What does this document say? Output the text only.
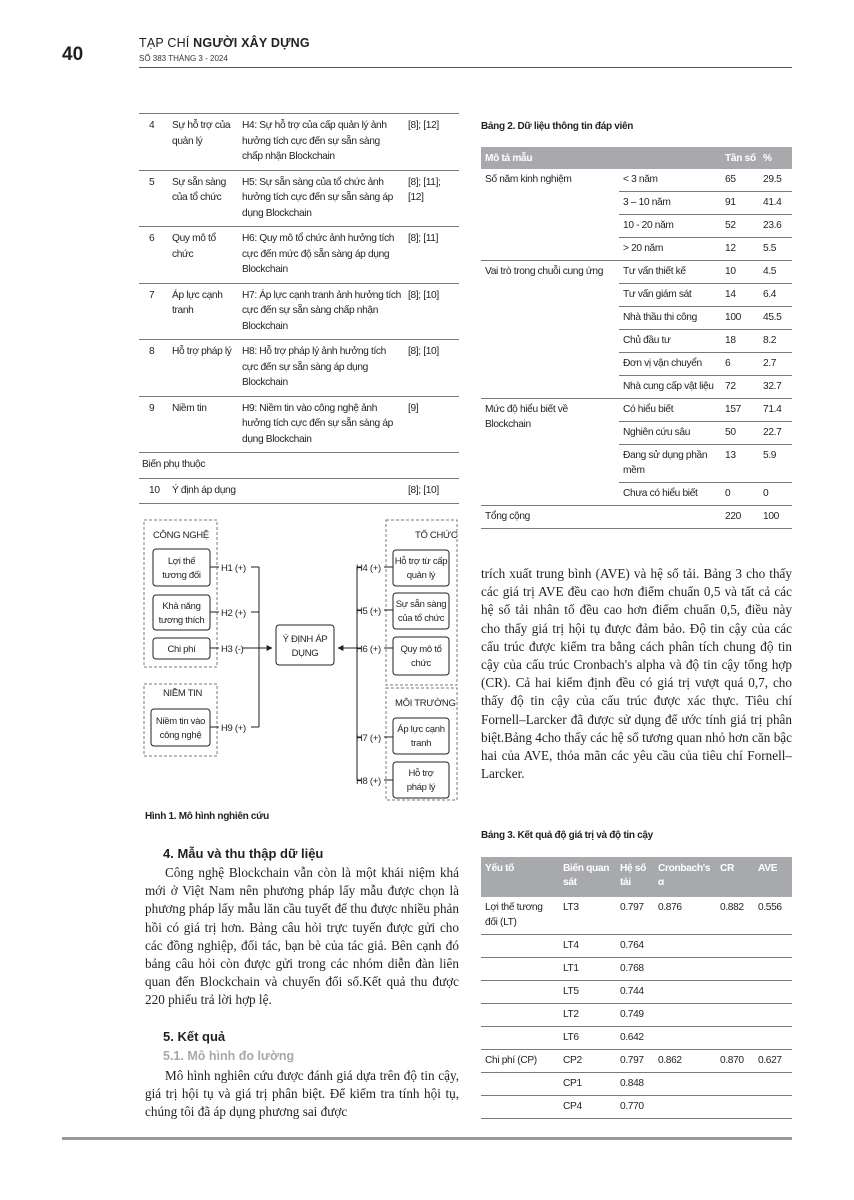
40
TẠP CHÍ NGƯỜI XÂY DỰNG
SỐ 383 THÁNG 3 - 2024
4	Sự hỗ trợ của quản lý	H4: Sự hỗ trợ của cấp quản lý ảnh hưởng tích cực đến sự sẵn sàng chấp nhận Blockchain	[8]; [12]
5	Sự sẵn sàng của tổ chức	H5: Sự sẵn sàng của tổ chức ảnh hưởng tích cực đến sự sẵn sàng áp dụng Blockchain	[8]; [11]; [12]
6	Quy mô tổ chức	H6: Quy mô tổ chức ảnh hưởng tích cực đến mức độ sẵn sàng áp dụng Blockchain	[8]; [11]
7	Áp lực cạnh tranh	H7: Áp lực cạnh tranh ảnh hưởng tích cực đến sự sẵn sàng chấp nhận Blockchain	[8]; [10]
8	Hỗ trợ pháp lý	H8: Hỗ trợ pháp lý ảnh hưởng tích cực đến sự sẵn sàng áp dụng Blockchain	[8]; [10]
9	Niềm tin	H9: Niềm tin vào công nghệ ảnh hưởng tích cực đến sự sẵn sàng áp dụng Blockchain	[9]
Biến phụ thuộc			
10	Ý định áp dụng		[8]; [10]
CÔNG NGHỆ
NIỀM TIN
TỔ CHỨC
MÔI TRƯỜNG
Lợi thế
tương đối
Khả năng
tương thích
Chi phí
Niềm tin vào
công nghệ
Ý ĐỊNH ÁP
DỤNG
Hỗ trợ từ cấp
quản lý
Sự sẵn sàng
của tổ chức
Quy mô tổ
chức
Áp lực cạnh
tranh
Hỗ trợ
pháp lý
H1 (+)
H2 (+)
H3 (-)
H9 (+)
H4 (+)
H5 (+)
H6 (+)
H7 (+)
H8 (+)
Hình 1. Mô hình nghiên cứu
4. Mẫu và thu thập dữ liệu

Công nghệ Blockchain vẫn còn là một khái niệm khá mới ở Việt Nam nên phương pháp lấy mẫu được chọn là phương pháp lấy mẫu lăn cầu tuyết để thu được nhiều phản hồi có giá trị hơn. Bảng câu hỏi trực tuyến được gửi cho các đồng nghiệp, đối tác, bạn bè của tác giả. Bên cạnh đó bảng câu hỏi còn được gửi trong các nhóm diễn đàn liên quan đến Blockchain và chuyển đổi số.Kết quả thu được 220 phiếu trả lời hợp lệ.

5. Kết quả
5.1. Mô hình đo lường

Mô hình nghiên cứu được đánh giá dựa trên độ tin cậy, giá trị hội tụ và giá trị phân biệt. Để kiểm tra tính hội tụ, chúng tôi đã áp dụng phương sai được

Bảng 2. Dữ liệu thông tin đáp viên
Mô tả mẫu		Tần số	%
Số năm kinh nghiệm	< 3 năm	65	29.5
	3 – 10 năm	91	41.4
	10 - 20 năm	52	23.6
	> 20 năm	12	5.5
Vai trò trong chuỗi cung ứng	Tư vấn thiết kế	10	4.5
	Tư vấn giám sát	14	6.4
	Nhà thầu thi công	100	45.5
	Chủ đầu tư	18	8.2
	Đơn vị vận chuyển	6	2.7
	Nhà cung cấp vật liệu	72	32.7
Mức độ hiểu biết về Blockchain	Có hiểu biết	157	71.4
	Nghiên cứu sâu	50	22.7
	Đang sử dụng phần mềm	13	5.9
	Chưa có hiểu biết	0	0
Tổng cộng		220	100
trích xuất trung bình (AVE) và hệ số tải. Bảng 3 cho thấy các giá trị AVE đều cao hơn điểm chuẩn 0,5 và tất cả các hệ số tải nhân tố đều cao hơn điểm chuẩn 0,5, điều này cho thấy giá trị hội tụ được đảm bảo. Độ tin cậy của các cấu trúc được kiểm tra bằng cách phân tích chung độ tin cậy của cấu trúc Cronbach's alpha và độ tin cậy tổng hợp (CR). Cả hai kiểm định đều có giá trị vượt quá 0,7, cho thấy độ tin cậy của cấu trúc được xác thực. Tiêu chí Fornell–Larcker đã được sử dụng để ước tính giá trị phân biệt.Bảng 4cho thấy các hệ số tương quan nhỏ hơn căn bậc hai của AVE, thỏa mãn các yêu cầu của tiêu chí Fornell–Larcker.
Bảng 3. Kết quả độ giá trị và độ tin cậy
Yếu tố	Biến quan sát	Hệ số tải	Cronbach's α	CR	AVE
Lợi thế tương đối (LT)	LT3	0.797	0.876	0.882	0.556
	LT4	0.764			
	LT1	0.768			
	LT5	0.744			
	LT2	0.749			
	LT6	0.642			
Chi phí (CP)	CP2	0.797	0.862	0.870	0.627
	CP1	0.848			
	CP4	0.770			
